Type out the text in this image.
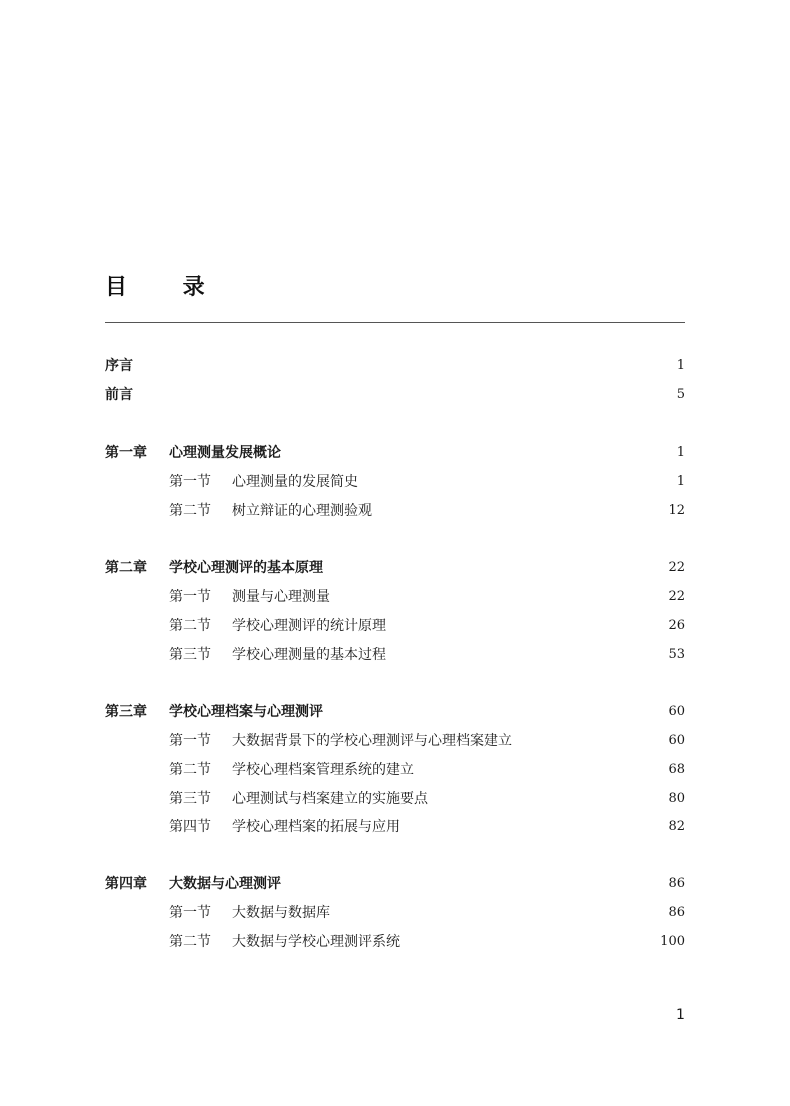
目 录
序言	1
前言	5
第一章 心理测量发展概论	1
第一节 心理测量的发展简史	1
第二节 树立辩证的心理测验观	12
第二章 学校心理测评的基本原理	22
第一节 测量与心理测量	22
第二节 学校心理测评的统计原理	26
第三节 学校心理测量的基本过程	53
第三章 学校心理档案与心理测评	60
第一节 大数据背景下的学校心理测评与心理档案建立	60
第二节 学校心理档案管理系统的建立	68
第三节 心理测试与档案建立的实施要点	80
第四节 学校心理档案的拓展与应用	82
第四章 大数据与心理测评	86
第一节 大数据与数据库	86
第二节 大数据与学校心理测评系统	100
1
